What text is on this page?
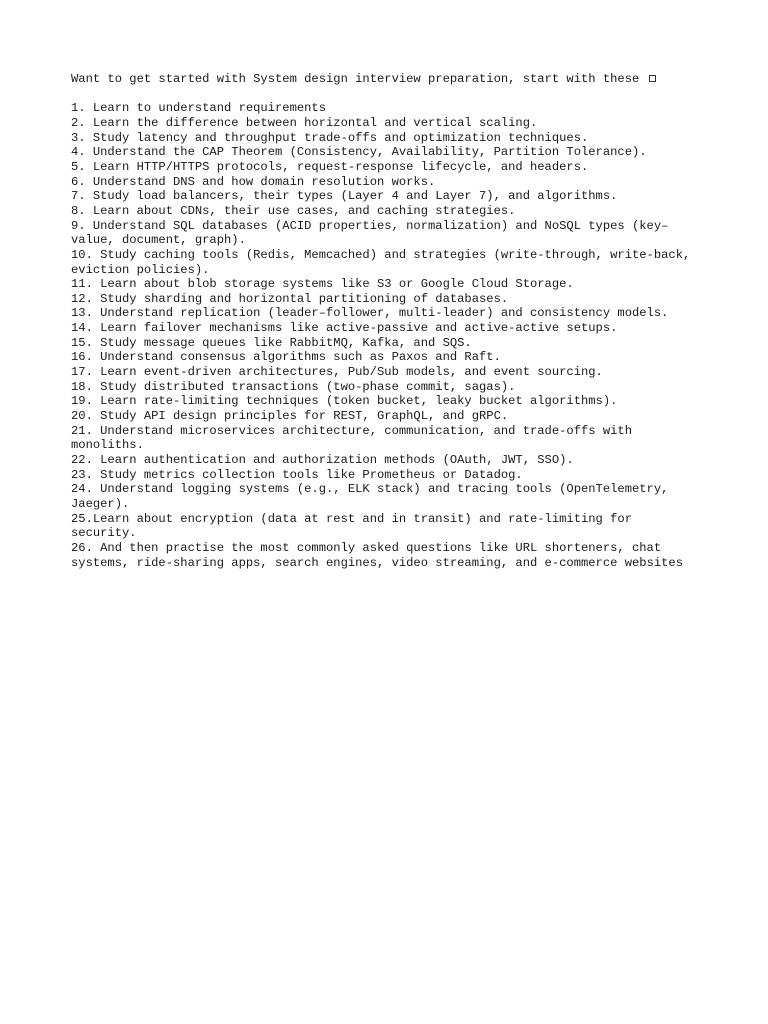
Want to get started with System design interview preparation, start with these

1. Learn to understand requirements
2. Learn the difference between horizontal and vertical scaling.
3. Study latency and throughput trade-offs and optimization techniques.
4. Understand the CAP Theorem (Consistency, Availability, Partition Tolerance).
5. Learn HTTP/HTTPS protocols, request-response lifecycle, and headers.
6. Understand DNS and how domain resolution works.
7. Study load balancers, their types (Layer 4 and Layer 7), and algorithms.
8. Learn about CDNs, their use cases, and caching strategies.
9. Understand SQL databases (ACID properties, normalization) and NoSQL types (key–value, document, graph).
10. Study caching tools (Redis, Memcached) and strategies (write-through, write-back, eviction policies).
11. Learn about blob storage systems like S3 or Google Cloud Storage.
12. Study sharding and horizontal partitioning of databases.
13. Understand replication (leader–follower, multi-leader) and consistency models.
14. Learn failover mechanisms like active-passive and active-active setups.
15. Study message queues like RabbitMQ, Kafka, and SQS.
16. Understand consensus algorithms such as Paxos and Raft.
17. Learn event-driven architectures, Pub/Sub models, and event sourcing.
18. Study distributed transactions (two-phase commit, sagas).
19. Learn rate-limiting techniques (token bucket, leaky bucket algorithms).
20. Study API design principles for REST, GraphQL, and gRPC.
21. Understand microservices architecture, communication, and trade-offs with monoliths.
22. Learn authentication and authorization methods (OAuth, JWT, SSO).
23. Study metrics collection tools like Prometheus or Datadog.
24. Understand logging systems (e.g., ELK stack) and tracing tools (OpenTelemetry, Jaeger).
25.Learn about encryption (data at rest and in transit) and rate-limiting for security.
26. And then practise the most commonly asked questions like URL shorteners, chat systems, ride-sharing apps, search engines, video streaming, and e-commerce websites
